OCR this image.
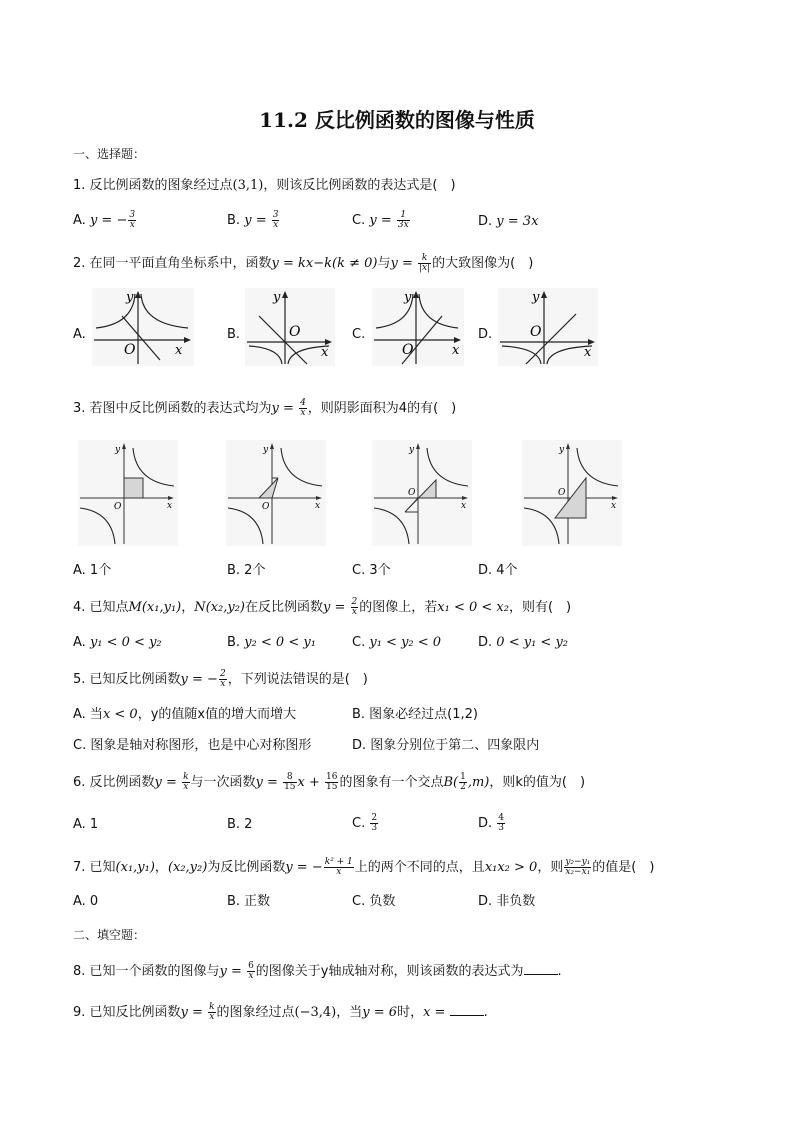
11.2 反比例函数的图像与性质
一、选择题：
1. 反比例函数的图象经过点(3,1)，则该反比例函数的表达式是(　)
A. y = − $\frac{3}{x}$	B. $y = \frac{3}{x}$	C. $y = \frac{1}{3x}$	D. y = 3x
2. 在同一平面直角坐标系中，函数y = kx−k(k ≠ 0)与$y = \frac{k}{|x|}$ 的大致图像为(　)
A.	B.	C.	D.
y
O	x
y
O
x
y
O	x
y
O
x
3. 若图中反比例函数的表达式均为$y = \frac{4}{x}$ ，则阴影面积为4的有(　)
y
O	x
y
O	x
y
O
x
y
O
x
A. 1个	B. 2个	C. 3个	D. 4个
4. 已知点M(x₁,y₁)，N(x₂,y₂)在反比例函数$y = \frac{2}{x}$ 的图像上，若x₁ < 0 < x₂，则有(　)
A. y₁ < 0 < y₂	B. y₂ < 0 < y₁	C. y₁ < y₂ < 0	D. 0 < y₁ < y₂
5. 已知反比例函数y = − $\frac{2}{x}$ ，下列说法错误的是(　)
A. 当x < 0，y的值随x值的增大而增大	B. 图象必经过点(1,2)
C. 图象是轴对称图形，也是中心对称图形	D. 图象分别位于第二、四象限内
6. 反比例函数$y = \frac{k}{x}$ 与一次函数$y = \frac{8}{15}$ $x + \frac{16}{15}$ 的图象有一个交点$B( \frac{1}{2} ,m)$，则k的值为(　)
A. 1	B. 2	C. $\frac{2}{3}$	D. $\frac{4}{3}$
7. 已知(x₁,y₁)，(x₂,y₂)为反比例函数y = − $\frac{\text{k² + 1}}{x}$ 上的两个不同的点，且x₁x₂ > 0，则 $\frac{\text{y₂−y₁}}{\text{x₂−x₁}}$ 的值是(　)
A. 0	B. 正数	C. 负数	D. 非负数
二、填空题：
8. 已知一个函数的图像与$y = \frac{6}{x}$ 的图像关于y轴成轴对称，则该函数的表达式为	.
9. 已知反比例函数$y = \frac{k}{x}$ 的图象经过点(−3,4)，当y = 6时，x =	.
